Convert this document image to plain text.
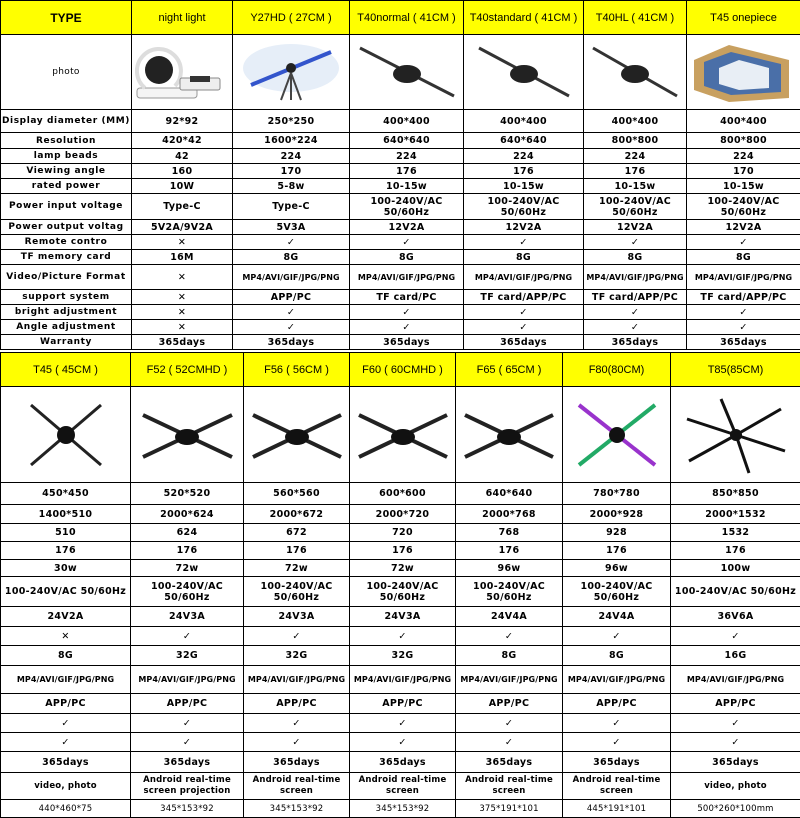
TYPE	night light	Y27HD ( 27CM )	T40normal ( 41CM )	T40standard ( 41CM )	T40HL ( 41CM )	T45 onepiece
photo	

Display diameter (MM)	92*92	250*250	400*400	400*400	400*400	400*400
Resolution	420*42	1600*224	640*640	640*640	800*800	800*800
lamp beads	42	224	224	224	224	224
Viewing angle	160	170	176	176	176	170
rated power	10W	5-8w	10-15w	10-15w	10-15w	10-15w
Power input voltage	Type-C	Type-C	100-240V/AC 50/60Hz	100-240V/AC 50/60Hz	100-240V/AC 50/60Hz	100-240V/AC 50/60Hz
Power output voltag	5V2A/9V2A	5V3A	12V2A	12V2A	12V2A	12V2A
Remote contro	✕	✓	✓	✓	✓	✓
TF memory card	16M	8G	8G	8G	8G	8G
Video/Picture Format	✕	MP4/AVI/GIF/JPG/PNG	MP4/AVI/GIF/JPG/PNG	MP4/AVI/GIF/JPG/PNG	MP4/AVI/GIF/JPG/PNG	MP4/AVI/GIF/JPG/PNG
support system	✕	APP/PC	TF card/PC	TF card/APP/PC	TF card/APP/PC	TF card/APP/PC
bright adjustment	✕	✓	✓	✓	✓	✓
Angle adjustment	✕	✓	✓	✓	✓	✓
Warranty	365days	365days	365days	365days	365days	365days
T45 ( 45CM )	F52 ( 52CMHD )	F56 ( 56CM )	F60 ( 60CMHD )	F65 ( 65CM )	F80(80CM)	T85(85CM)

450*450	520*520	560*560	600*600	640*640	780*780	850*850
1400*510	2000*624	2000*672	2000*720	2000*768	2000*928	2000*1532
510	624	672	720	768	928	1532
176	176	176	176	176	176	176
30w	72w	72w	72w	96w	96w	100w
100-240V/AC 50/60Hz	100-240V/AC 50/60Hz	100-240V/AC 50/60Hz	100-240V/AC 50/60Hz	100-240V/AC 50/60Hz	100-240V/AC 50/60Hz	100-240V/AC 50/60Hz
24V2A	24V3A	24V3A	24V3A	24V4A	24V4A	36V6A
✕	✓	✓	✓	✓	✓	✓
8G	32G	32G	32G	8G	8G	16G
MP4/AVI/GIF/JPG/PNG	MP4/AVI/GIF/JPG/PNG	MP4/AVI/GIF/JPG/PNG	MP4/AVI/GIF/JPG/PNG	MP4/AVI/GIF/JPG/PNG	MP4/AVI/GIF/JPG/PNG	MP4/AVI/GIF/JPG/PNG
APP/PC	APP/PC	APP/PC	APP/PC	APP/PC	APP/PC	APP/PC
✓	✓	✓	✓	✓	✓	✓
✓	✓	✓	✓	✓	✓	✓
365days	365days	365days	365days	365days	365days	365days
video, photo	Android real-time screen projection	Android real-time screen	Android real-time screen	Android real-time screen	Android real-time screen	video, photo
440*460*75	345*153*92	345*153*92	345*153*92	375*191*101	445*191*101	500*260*100mm
